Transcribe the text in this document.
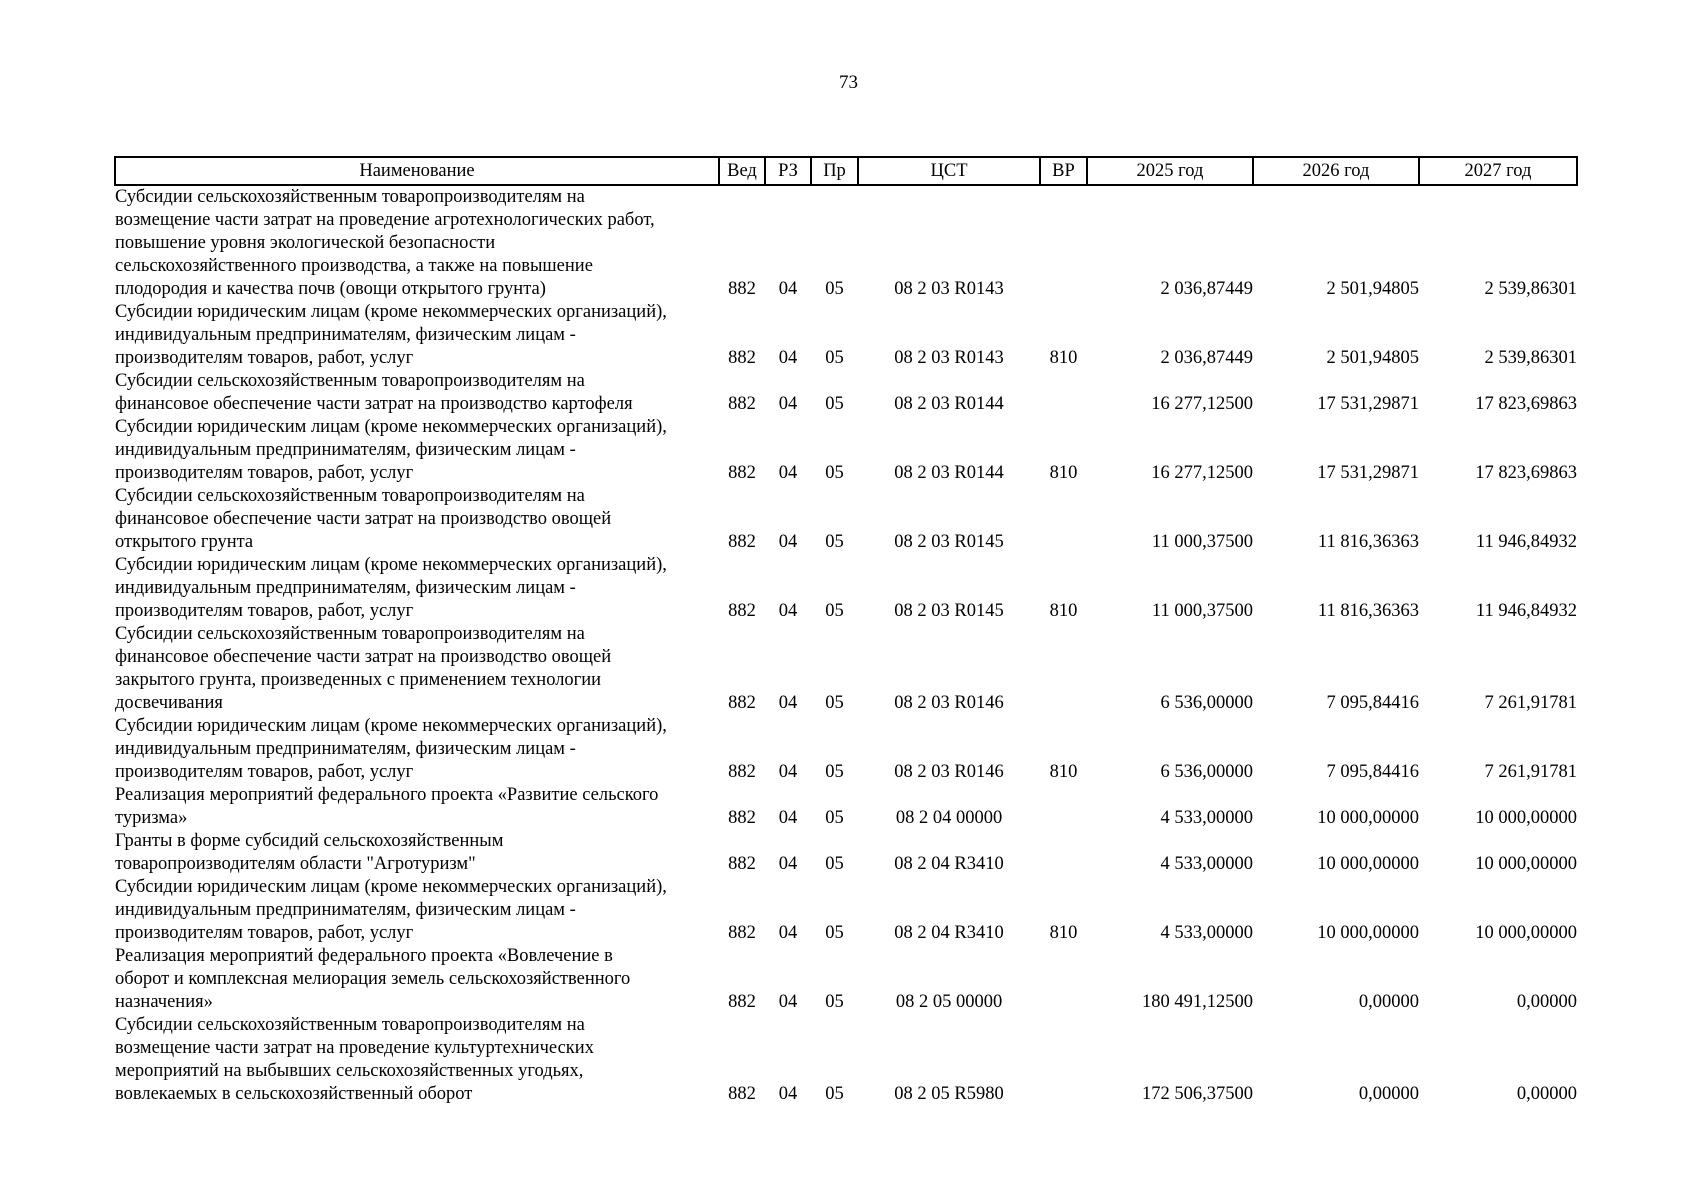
73
Наименование	Вед	РЗ	Пр	ЦСТ	ВР	2025 год	2026 год	2027 год

Субсидии сельскохозяйственным товаропроизводителям на
возмещение части затрат на проведение агротехнологических работ,
повышение уровня экологической безопасности
сельскохозяйственного производства, а также на повышение
плодородия и качества почв (овощи открытого грунта)	882	04	05	08 2 03 R0143		2 036,87449	2 501,94805	2 539,86301

Субсидии юридическим лицам (кроме некоммерческих организаций),
индивидуальным предпринимателям, физическим лицам -
производителям товаров, работ, услуг	882	04	05	08 2 03 R0143	810	2 036,87449	2 501,94805	2 539,86301

Субсидии сельскохозяйственным товаропроизводителям на
финансовое обеспечение части затрат на производство картофеля	882	04	05	08 2 03 R0144		16 277,12500	17 531,29871	17 823,69863

Субсидии юридическим лицам (кроме некоммерческих организаций),
индивидуальным предпринимателям, физическим лицам -
производителям товаров, работ, услуг	882	04	05	08 2 03 R0144	810	16 277,12500	17 531,29871	17 823,69863

Субсидии сельскохозяйственным товаропроизводителям на
финансовое обеспечение части затрат на производство овощей
открытого грунта	882	04	05	08 2 03 R0145		11 000,37500	11 816,36363	11 946,84932

Субсидии юридическим лицам (кроме некоммерческих организаций),
индивидуальным предпринимателям, физическим лицам -
производителям товаров, работ, услуг	882	04	05	08 2 03 R0145	810	11 000,37500	11 816,36363	11 946,84932

Субсидии сельскохозяйственным товаропроизводителям на
финансовое обеспечение части затрат на производство овощей
закрытого грунта, произведенных с применением технологии
досвечивания	882	04	05	08 2 03 R0146		6 536,00000	7 095,84416	7 261,91781

Субсидии юридическим лицам (кроме некоммерческих организаций),
индивидуальным предпринимателям, физическим лицам -
производителям товаров, работ, услуг	882	04	05	08 2 03 R0146	810	6 536,00000	7 095,84416	7 261,91781

Реализация мероприятий федерального проекта «Развитие сельского
туризма»	882	04	05	08 2 04 00000		4 533,00000	10 000,00000	10 000,00000

Гранты в форме субсидий сельскохозяйственным
товаропроизводителям области "Агротуризм"	882	04	05	08 2 04 R3410		4 533,00000	10 000,00000	10 000,00000

Субсидии юридическим лицам (кроме некоммерческих организаций),
индивидуальным предпринимателям, физическим лицам -
производителям товаров, работ, услуг	882	04	05	08 2 04 R3410	810	4 533,00000	10 000,00000	10 000,00000

Реализация мероприятий федерального проекта «Вовлечение в
оборот и комплексная мелиорация земель сельскохозяйственного
назначения»	882	04	05	08 2 05 00000		180 491,12500	0,00000	0,00000

Субсидии сельскохозяйственным товаропроизводителям на
возмещение части затрат на проведение культуртехнических
мероприятий на выбывших сельскохозяйственных угодьях,
вовлекаемых в сельскохозяйственный оборот	882	04	05	08 2 05 R5980		172 506,37500	0,00000	0,00000
